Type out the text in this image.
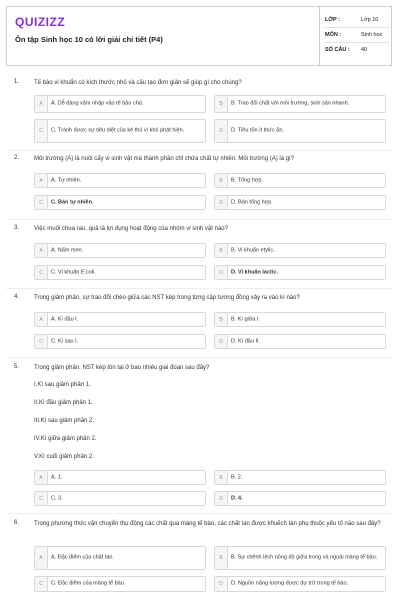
QUIZIZZ
Ôn tập Sinh học 10 có lời giải chi tiết (P4)
LỚP :	Lớp 10
MÔN :	Sinh học
SỐ CÂU : 40
1. Tế bào vi khuẩn có kích thước nhỏ và cấu tạo đơn giản sẽ giúp gì cho chúng?
A	A. Dễ dàng xâm nhập vào tế bào chủ.	B	B. Trao đổi chất với môi trường, sinh sản nhanh.
C	C. Tránh được sự tiêu diệt của kẻ thù vì khó phát hiện.	D	D. Tiêu tốn ít thức ăn.
2. Môi trường (A) là nuôi cấy vi sinh vật mà thành phần chỉ chứa chất tự nhiên. Môi trường (A) là gì?
A	A. Tự nhiên.	B	B. Tổng hợp.
C	C. Bán tự nhiên.	D	D. Bán tổng hợp.
3. Việc muối chua rau, quả là lợi dụng hoạt động của nhóm vi sinh vật nào?
A	A. Nấm men.	B	B. Vi khuẩn etylic.
C	C. Vi khuẩn E.coli.	D	D. Vi khuẩn lactic.
4. Trong giảm phân, sự trao đổi chéo giữa các NST kép trong từng cặp tương đồng xảy ra vào kì nào?
A	A. Kì đầu I.	B	B. Kì giữa I.
C	C. Kì sau I.	D	D. Kì đầu II.
5. Trong giảm phân, NST kép tồn tại ở bao nhiêu giai đoạn sau đây?
I.Kì sau giảm phân 1.
II.Kì đầu giảm phân 1.
III.Kì sau giảm phân 2.
IV.Kì giữa giảm phân 2.
V.Kì cuối giảm phân 2.
A	A. 1.	B	B. 2.
C	C. 3.	D	D. 4.
6. Trong phương thức vận chuyển thụ động các chất qua màng tế bào, các chất tan được khuếch tán phụ thuộc yếu tố nào sau đây?
A	A. Đặc điểm của chất tan.	B	B. Sự chênh lệch nồng độ giữa trong và ngoài màng tế bào.
C	C. Đặc điểm của màng tế bào.	D	D. Nguồn năng lượng được dự trữ trong tế bào.
